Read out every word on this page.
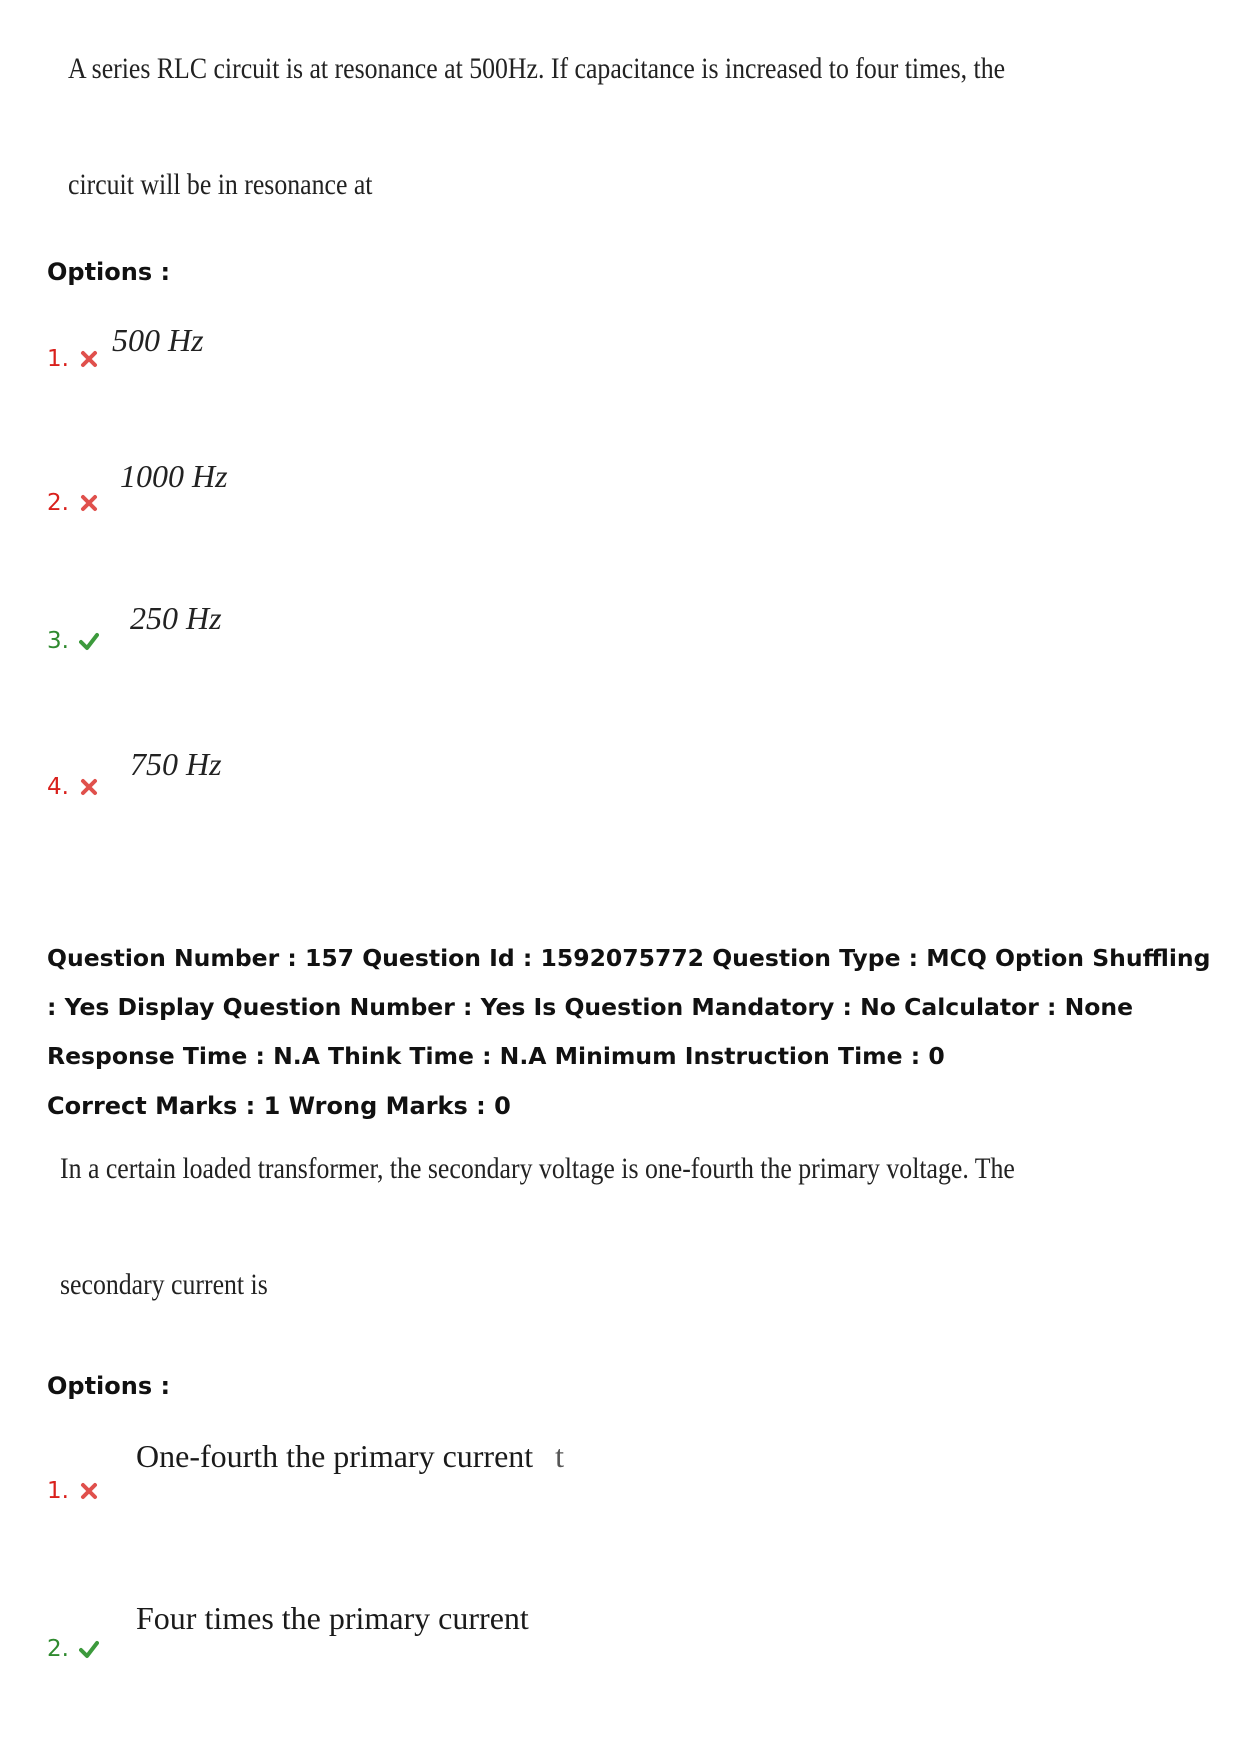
A series RLC circuit is at resonance at 500Hz. If capacitance is increased to four times, the
circuit will be in resonance at
Options :
1.
500 Hz
2.
1000 Hz
3.
250 Hz
4.
750 Hz
Question Number : 157 Question Id : 1592075772 Question Type : MCQ Option Shuffling : Yes Display Question Number : Yes Is Question Mandatory : No Calculator : None Response Time : N.A Think Time : N.A Minimum Instruction Time : 0
Correct Marks : 1 Wrong Marks : 0
In a certain loaded transformer, the secondary voltage is one-fourth the primary voltage. The
secondary current is
Options :
1.
One-fourth the primary current t
2.
Four times the primary current
